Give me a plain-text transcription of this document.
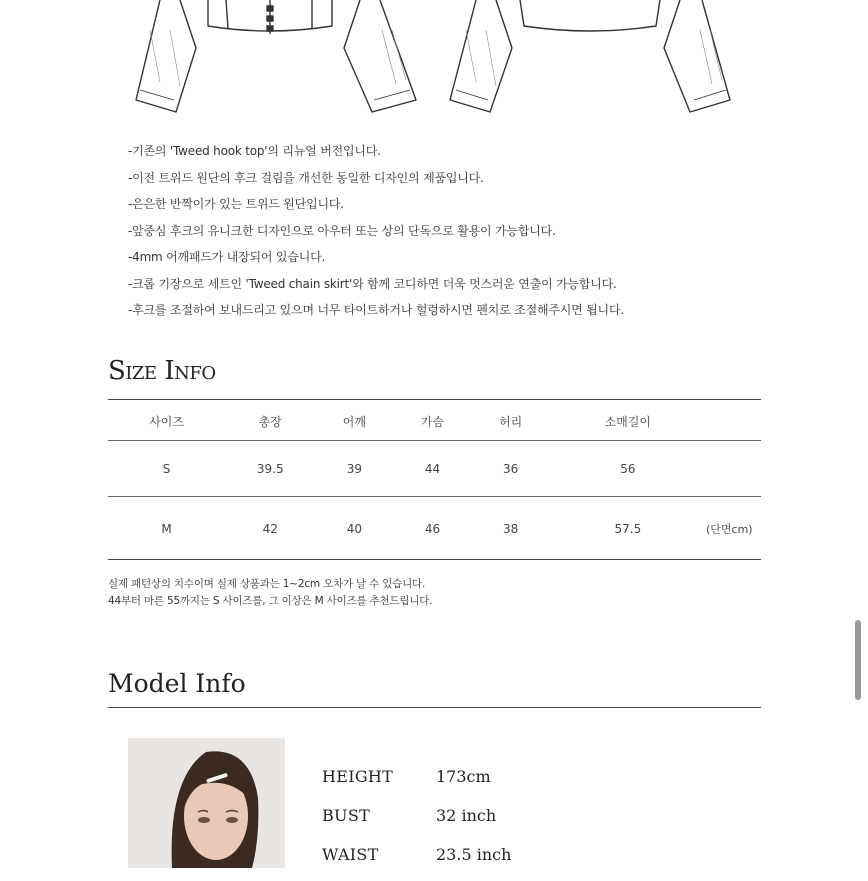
-기존의 'Tweed hook top'의 리뉴얼 버전입니다.
-이전 트위드 원단의 후크 걸림을 개선한 동일한 디자인의 제품입니다.
-은은한 반짝이가 있는 트위드 원단입니다.
-앞중심 후크의 유니크한 디자인으로 아우터 또는 상의 단독으로 활용이 가능합니다.
-4mm 어깨패드가 내장되어 있습니다.
-크롭 기장으로 세트인 'Tweed chain skirt'와 함께 코디하면 더욱 멋스러운 연출이 가능합니다.
-후크를 조절하여 보내드리고 있으며 너무 타이트하거나 헐렁하시면 펜치로 조절해주시면 됩니다.
Size Info
사이즈	총장	어깨	가슴	허리	소매길이	
S	39.5	39	44	36	56	
M	42	40	46	38	57.5	(단면cm)
실제 패턴상의 치수이며 실제 상품과는 1~2cm 오차가 날 수 있습니다.
44부터 마른 55까지는 S 사이즈를, 그 이상은 M 사이즈를 추천드립니다.
Model Info
HEIGHT	173cm
BUST	32 inch
WAIST	23.5 inch
